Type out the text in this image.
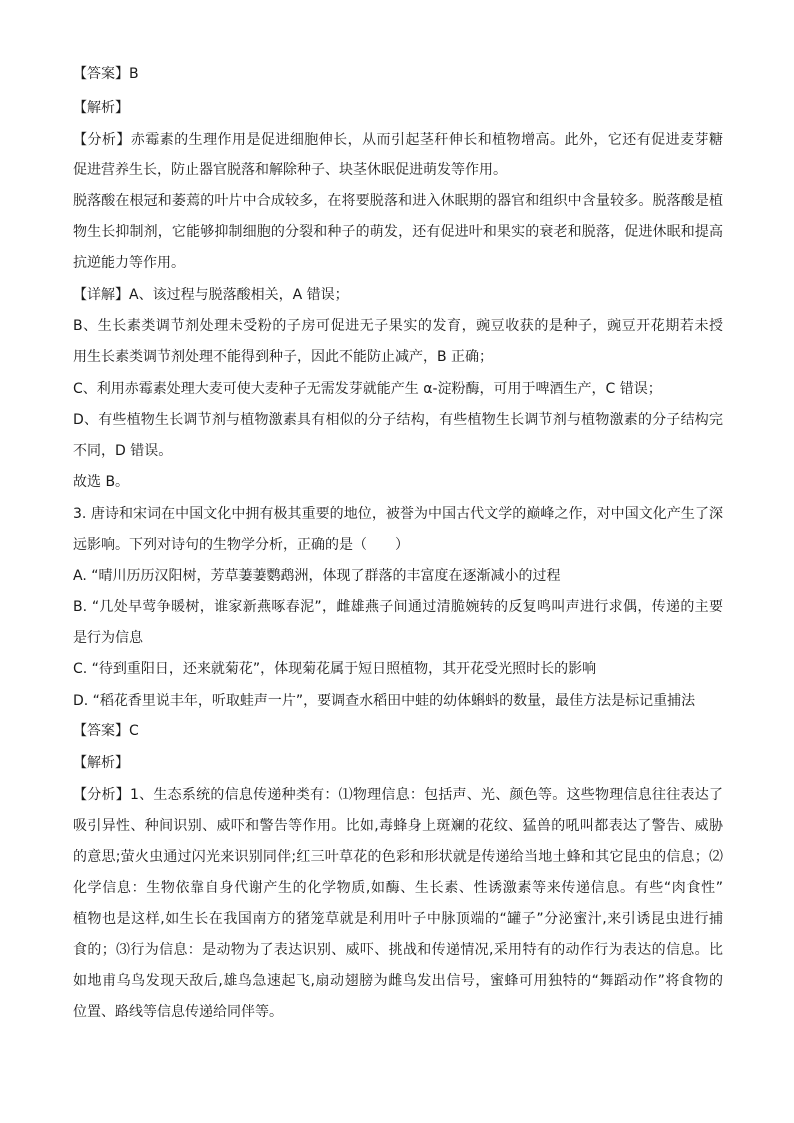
【答案】B
【解析】
【分析】赤霉素的生理作用是促进细胞伸长，从而引起茎秆伸长和植物增高。此外，它还有促进麦芽糖
促进营养生长，防止器官脱落和解除种子、块茎休眠促进萌发等作用。
脱落酸在根冠和萎蔫的叶片中合成较多，在将要脱落和进入休眠期的器官和组织中含量较多。脱落酸是植
物生长抑制剂，它能够抑制细胞的分裂和种子的萌发，还有促进叶和果实的衰老和脱落，促进休眠和提高
抗逆能力等作用。
【详解】A、该过程与脱落酸相关，A 错误；
B、生长素类调节剂处理未受粉的子房可促进无子果实的发育，豌豆收获的是种子，豌豆开花期若未授
用生长素类调节剂处理不能得到种子，因此不能防止减产，B 正确；
C、利用赤霉素处理大麦可使大麦种子无需发芽就能产生 α-淀粉酶，可用于啤酒生产，C 错误；
D、有些植物生长调节剂与植物激素具有相似的分子结构，有些植物生长调节剂与植物激素的分子结构完
不同，D 错误。
故选 B。
3. 唐诗和宋词在中国文化中拥有极其重要的地位，被誉为中国古代文学的巅峰之作，对中国文化产生了深
远影响。下列对诗句的生物学分析，正确的是（　　）
A. “晴川历历汉阳树，芳草萋萋鹦鹉洲，体现了群落的丰富度在逐渐减小的过程
B. “几处早莺争暖树，谁家新燕啄春泥”，雌雄燕子间通过清脆婉转的反复鸣叫声进行求偶，传递的主要
是行为信息
C. “待到重阳日，还来就菊花”，体现菊花属于短日照植物，其开花受光照时长的影响
D. “稻花香里说丰年，听取蛙声一片”，要调查水稻田中蛙的幼体蝌蚪的数量，最佳方法是标记重捕法
【答案】C
【解析】
【分析】1、生态系统的信息传递种类有：⑴物理信息：包括声、光、颜色等。这些物理信息往往表达了
吸引异性、种间识别、威吓和警告等作用。比如,毒蜂身上斑斓的花纹、猛兽的吼叫都表达了警告、威胁
的意思;萤火虫通过闪光来识别同伴;红三叶草花的色彩和形状就是传递给当地土蜂和其它昆虫的信息；⑵
化学信息：生物依靠自身代谢产生的化学物质,如酶、生长素、性诱激素等来传递信息。有些“肉食性”
植物也是这样,如生长在我国南方的猪笼草就是利用叶子中脉顶端的“罐子”分泌蜜汁,来引诱昆虫进行捕
食的；⑶行为信息：是动物为了表达识别、威吓、挑战和传递情况,采用特有的动作行为表达的信息。比
如地甫乌鸟发现天敌后,雄鸟急速起飞,扇动翅膀为雌鸟发出信号，蜜蜂可用独特的“舞蹈动作”将食物的
位置、路线等信息传递给同伴等。
